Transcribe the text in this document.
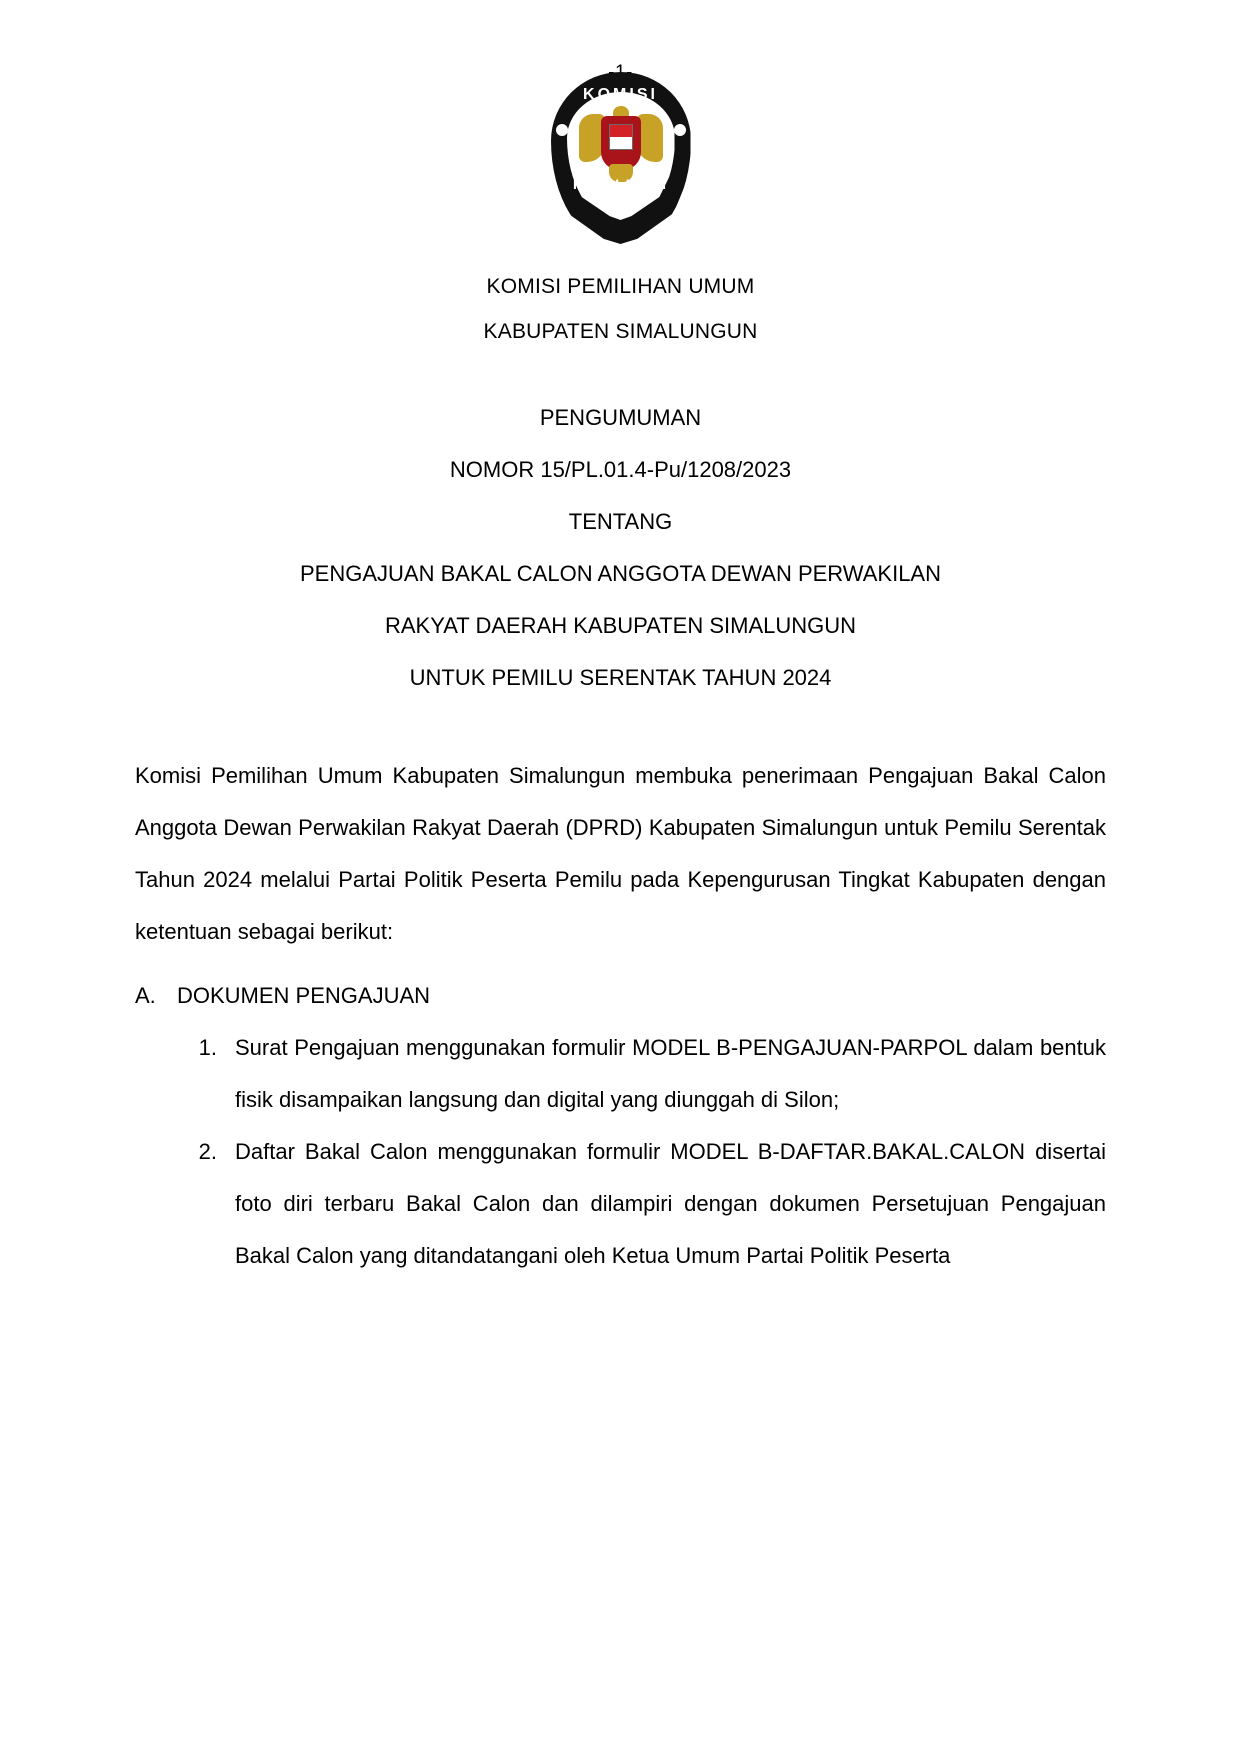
KOMISI
PEMILIHAN UMUM
KOMISI PEMILIHAN UMUM
KABUPATEN SIMALUNGUN
PENGUMUMAN
NOMOR 15/PL.01.4-Pu/1208/2023
TENTANG
PENGAJUAN BAKAL CALON ANGGOTA DEWAN PERWAKILAN
RAKYAT DAERAH KABUPATEN SIMALUNGUN
UNTUK PEMILU SERENTAK TAHUN 2024

Komisi Pemilihan Umum Kabupaten Simalungun membuka penerimaan Pengajuan Bakal Calon Anggota Dewan Perwakilan Rakyat Daerah (DPRD) Kabupaten Simalungun untuk Pemilu Serentak Tahun 2024 melalui Partai Politik Peserta Pemilu pada Kepengurusan Tingkat Kabupaten dengan ketentuan sebagai berikut:

A. DOKUMEN PENGAJUAN
1. Surat Pengajuan menggunakan formulir MODEL B-PENGAJUAN-PARPOL dalam bentuk fisik disampaikan langsung dan digital yang diunggah di Silon;
2. Daftar Bakal Calon menggunakan formulir MODEL B-DAFTAR.BAKAL.CALON disertai foto diri terbaru Bakal Calon dan dilampiri dengan dokumen Persetujuan Pengajuan Bakal Calon yang ditandatangani oleh Ketua Umum Partai Politik Peserta
